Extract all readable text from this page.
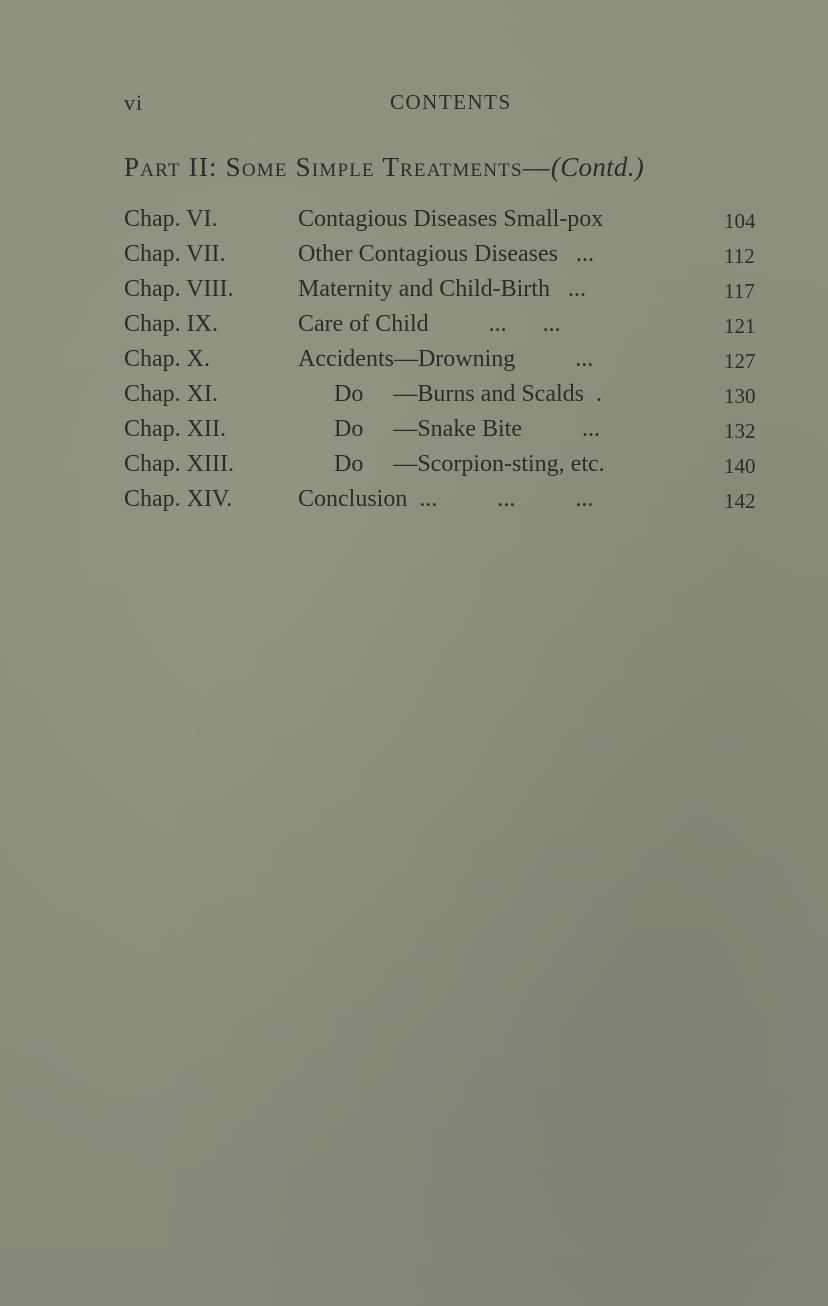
vi	CONTENTS
Part II: Some Simple Treatments—(Contd.)
Chap. VI.	Contagious Diseases Small-pox	104
Chap. VII.	Other Contagious Diseases   ...	112
Chap. VIII.	Maternity and Child-Birth   ...	117
Chap. IX.	Care of Child          ...      ...	121
Chap. X.	Accidents—Drowning          ...	127
Chap. XI.	Do     —Burns and Scalds  .	130
Chap. XII.	Do     —Snake Bite          ...	132
Chap. XIII.	Do     —Scorpion-sting, etc.	140
Chap. XIV.	Conclusion  ...          ...          ...	142
